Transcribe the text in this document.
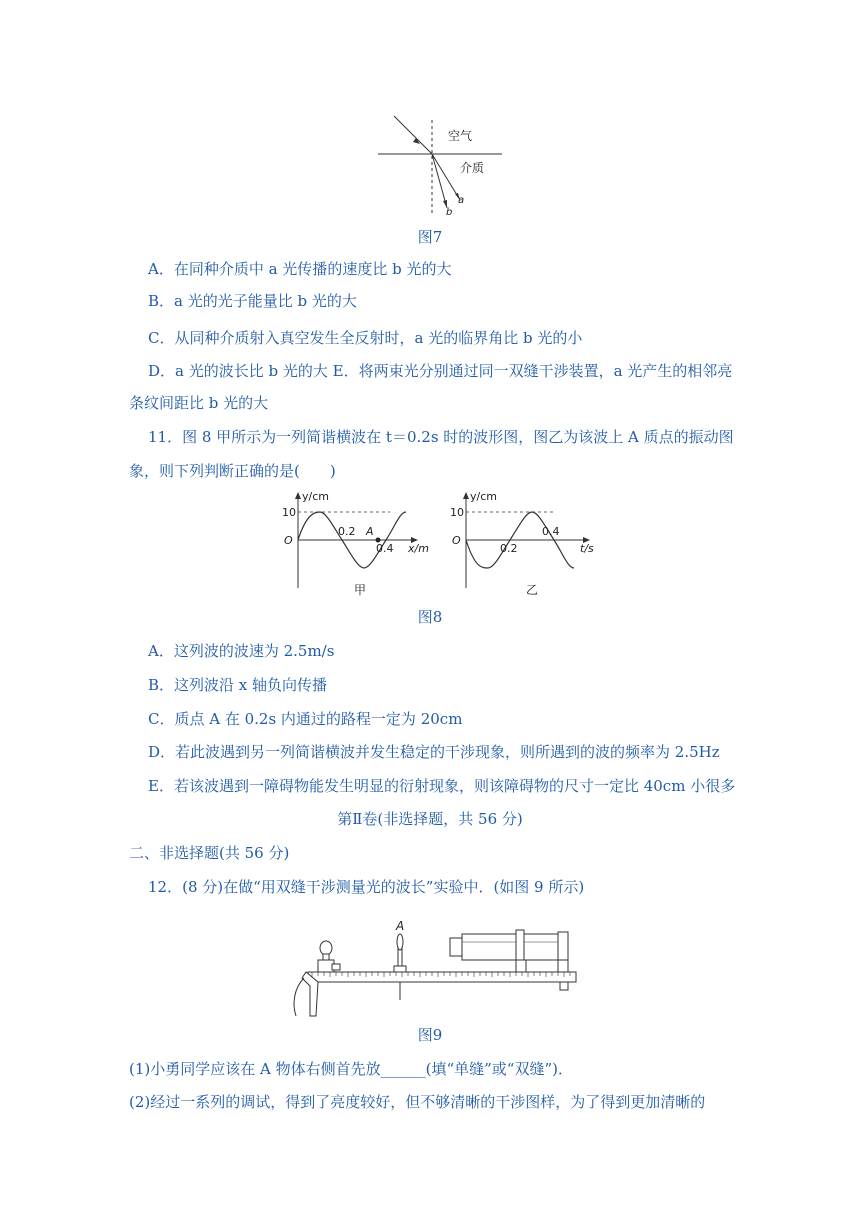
空气
介质
a
b
图7
A．在同种介质中 a 光传播的速度比 b 光的大
B．a 光的光子能量比 b 光的大
C．从同种介质射入真空发生全反射时，a 光的临界角比 b 光的小
D．a 光的波长比 b 光的大 E．将两束光分别通过同一双缝干涉装置，a 光产生的相邻亮
条纹间距比 b 光的大
11．图 8 甲所示为一列简谐横波在 t＝0.2s 时的波形图，图乙为该波上 A 质点的振动图
象，则下列判断正确的是(　　)
y/cm
x/m
O
10
0.2
0.4
A
甲
y/cm
t/s
O
10
0.2
0.4
乙
图8
A．这列波的波速为 2.5m/s
B．这列波沿 x 轴负向传播
C．质点 A 在 0.2s 内通过的路程一定为 20cm
D．若此波遇到另一列简谐横波并发生稳定的干涉现象，则所遇到的波的频率为 2.5Hz
E．若该波遇到一障碍物能发生明显的衍射现象，则该障碍物的尺寸一定比 40cm 小很多
第Ⅱ卷(非选择题，共 56 分)
二、非选择题(共 56 分)
12．(8 分)在做“用双缝干涉测量光的波长”实验中．(如图 9 所示)
A
图9
(1)小勇同学应该在 A 物体右侧首先放______(填“单缝”或“双缝”)．
(2)经过一系列的调试，得到了亮度较好，但不够清晰的干涉图样，为了得到更加清晰的
